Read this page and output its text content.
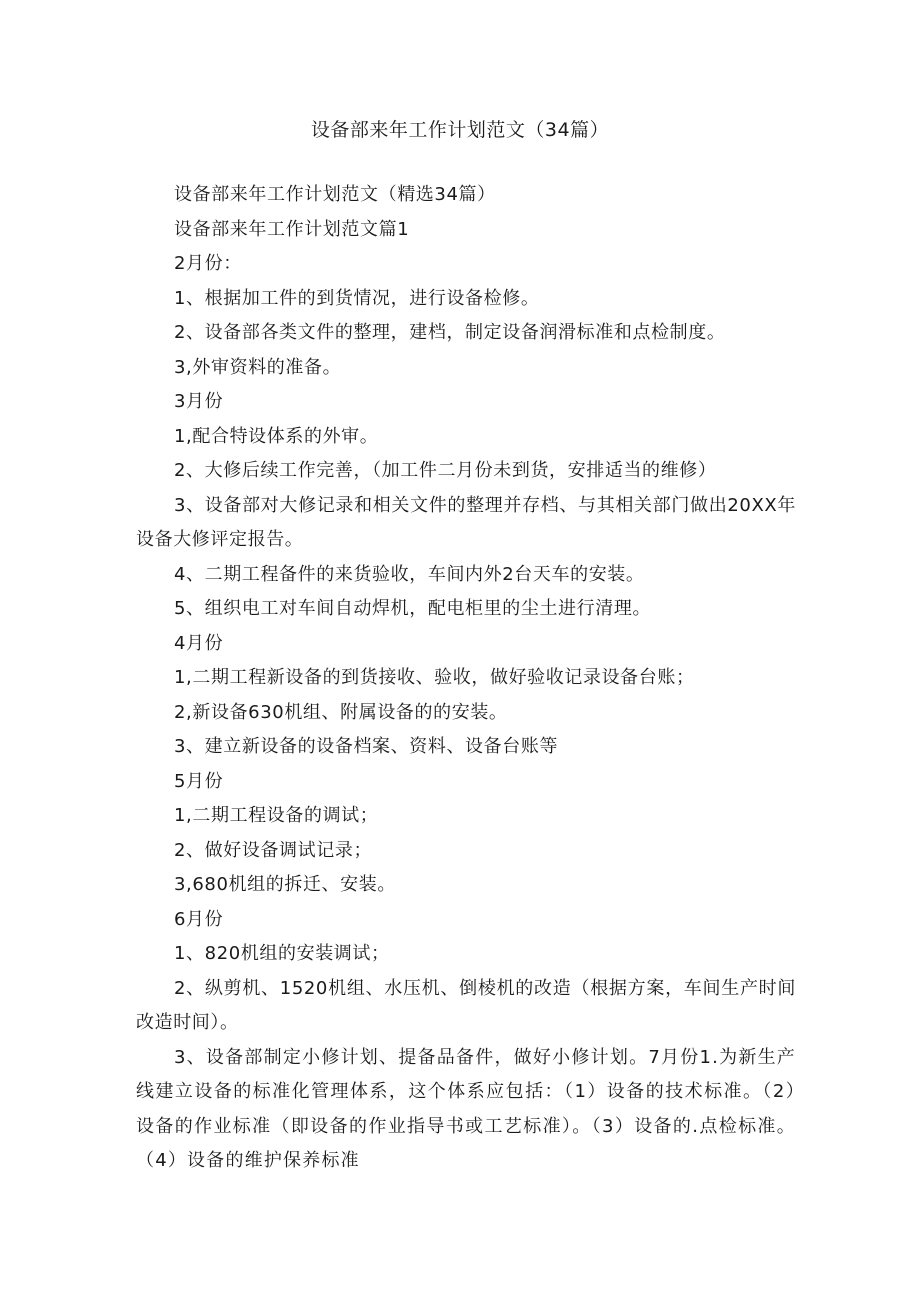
设备部来年工作计划范文（34篇）

设备部来年工作计划范文（精选34篇）

设备部来年工作计划范文篇1

2月份：

1、根据加工件的到货情况，进行设备检修。

2、设备部各类文件的整理，建档，制定设备润滑标准和点检制度。

3,外审资料的准备。

3月份

1,配合特设体系的外审。

2、大修后续工作完善，（加工件二月份未到货，安排适当的维修）

3、设备部对大修记录和相关文件的整理并存档、与其相关部门做出20XX年设备大修评定报告。

4、二期工程备件的来货验收，车间内外2台天车的安装。

5、组织电工对车间自动焊机，配电柜里的尘土进行清理。

4月份

1,二期工程新设备的到货接收、验收，做好验收记录设备台账；

2,新设备630机组、附属设备的的安装。

3、建立新设备的设备档案、资料、设备台账等

5月份

1,二期工程设备的调试；

2、做好设备调试记录；

3,680机组的拆迁、安装。

6月份

1、820机组的安装调试；

2、纵剪机、1520机组、水压机、倒棱机的改造（根据方案，车间生产时间改造时间）。

3、设备部制定小修计划、提备品备件，做好小修计划。7月份1.为新生产线建立设备的标准化管理体系，这个体系应包括：（1）设备的技术标准。（2）设备的作业标准（即设备的作业指导书或工艺标准）。（3）设备的.点检标准。（4）设备的维护保养标准
